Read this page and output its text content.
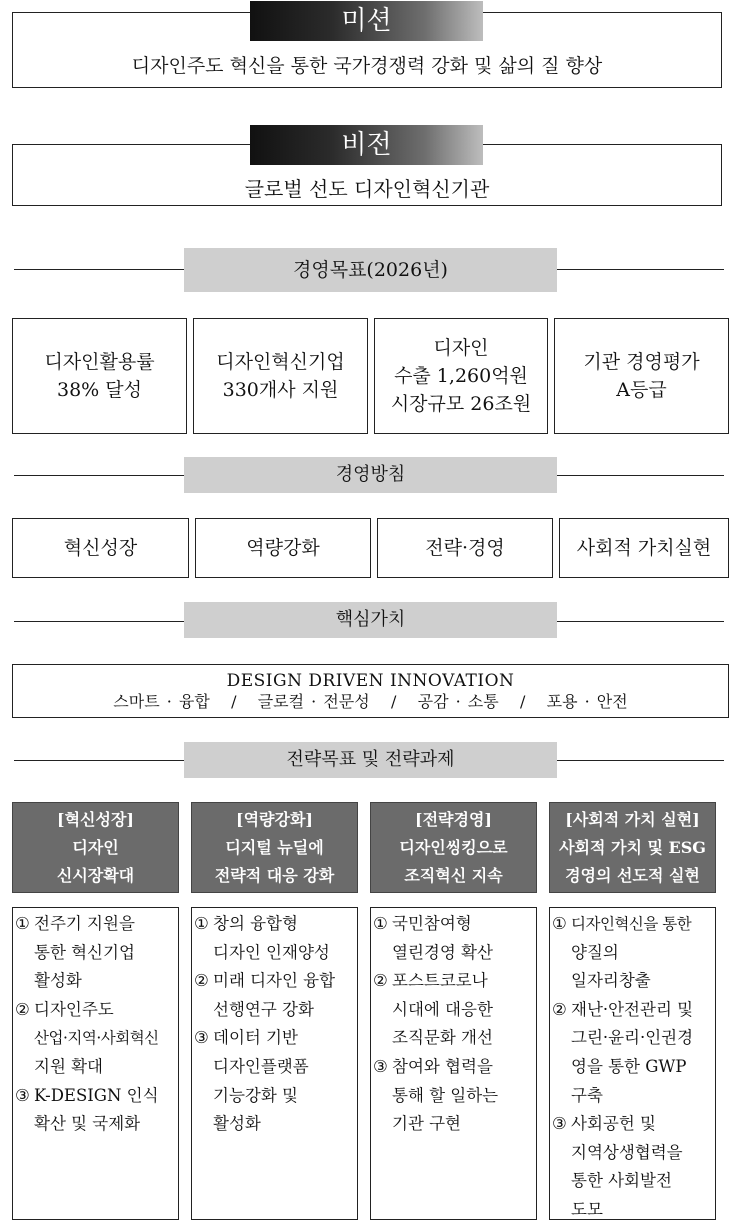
디자인주도 혁신을 통한 국가경쟁력 강화 및 삶의 질 향상
미션
글로벌 선도 디자인혁신기관
비전
경영목표(2026년)
디자인활용률
38% 달성
디자인혁신기업
330개사 지원
디자인
수출 1,260억원
시장규모 26조원
기관 경영평가
A등급
경영방침
혁신성장	역량강화	전략·경영	사회적 가치실현
핵심가치
DESIGN DRIVEN INNOVATION
스마트 · 융합   /   글로컬 · 전문성   /   공감 · 소통   /   포용 · 안전
전략목표 및 전략과제
[혁신성장]
디자인
신시장확대
[역량강화]
디지털 뉴딜에
전략적 대응 강화
[전략경영]
디자인씽킹으로
조직혁신 지속
[사회적 가치 실현]
사회적 가치 및 ESG
경영의 선도적 실현
① 전주기 지원을
통한 혁신기업
활성화
② 디자인주도
산업·지역·사회혁신
지원 확대
③ K-DESIGN 인식
확산 및 국제화
① 창의 융합형
디자인 인재양성
② 미래 디자인 융합
선행연구 강화
③ 데이터 기반
디자인플랫폼
기능강화 및
활성화
① 국민참여형
열린경영 확산
② 포스트코로나
시대에 대응한
조직문화 개선
③ 참여와 협력을
통해 할 일하는
기관 구현
① 디자인혁신을 통한
양질의
일자리창출
② 재난·안전관리 및
그린·윤리·인권경
영을 통한 GWP
구축
③ 사회공헌 및
지역상생협력을
통한 사회발전
도모
